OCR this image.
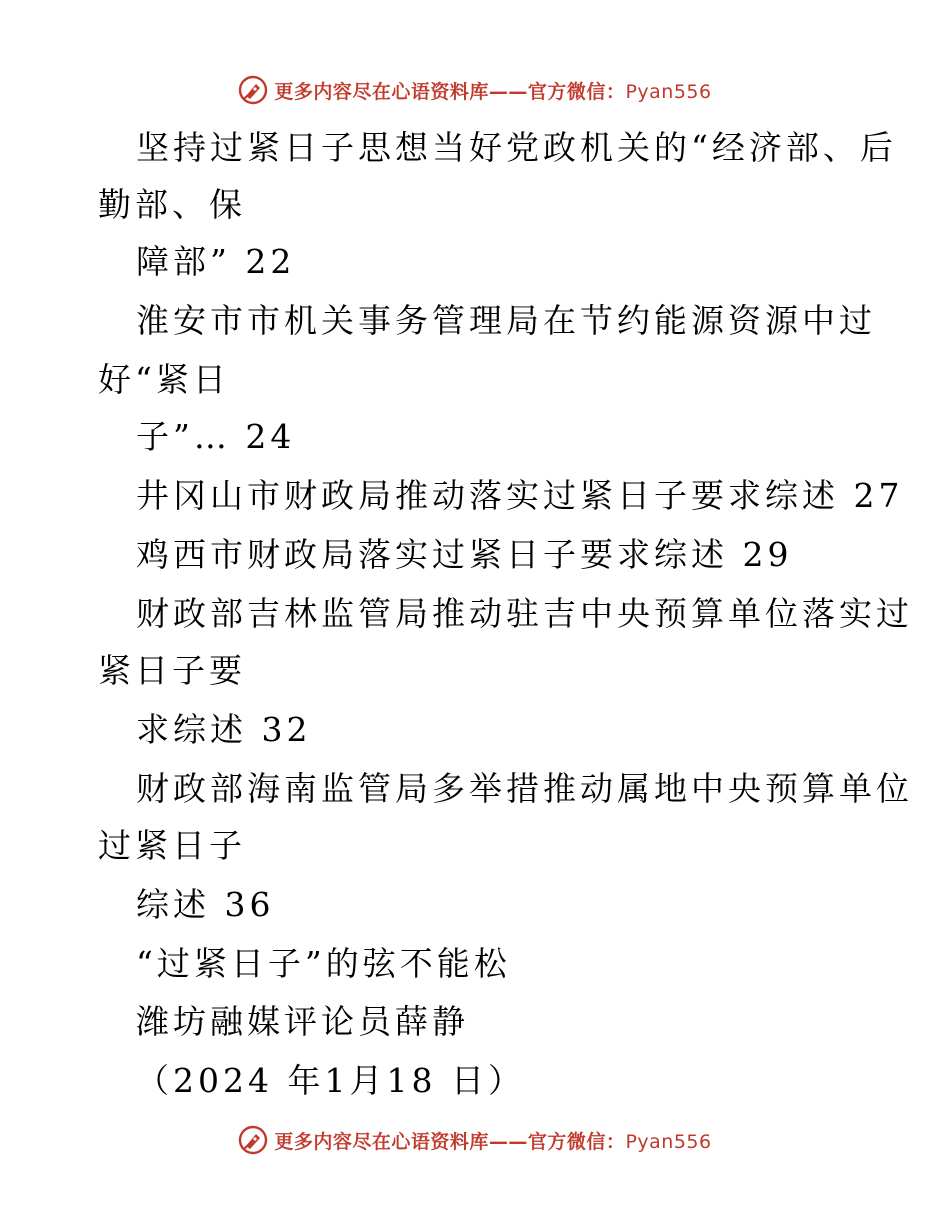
更多内容尽在心语资料库——官方微信：Pyan556
坚持过紧日子思想当好党政机关的“经济部、后
勤部、保
障部” 22
淮安市市机关事务管理局在节约能源资源中过
好“紧日
子”… 24
井冈山市财政局推动落实过紧日子要求综述 27
鸡西市财政局落实过紧日子要求综述 29
财政部吉林监管局推动驻吉中央预算单位落实过
紧日子要
求综述 32
财政部海南监管局多举措推动属地中央预算单位
过紧日子
综述 36
“过紧日子”的弦不能松
潍坊融媒评论员薛静
（2024 年1月18 日）
更多内容尽在心语资料库——官方微信：Pyan556
